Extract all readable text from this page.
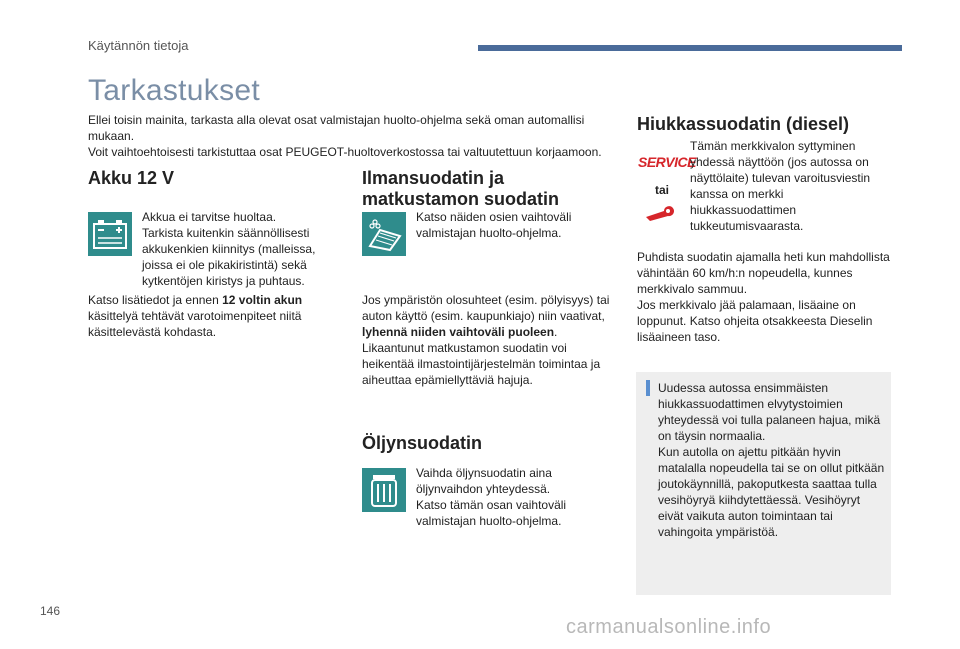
Käytännön tietoja
Tarkastukset
Ellei toisin mainita, tarkasta alla olevat osat valmistajan huolto-ohjelma sekä oman automallisi mukaan.
Voit vaihtoehtoisesti tarkistuttaa osat PEUGEOT-huoltoverkostossa tai valtuutettuun korjaamoon.
Akku 12 V
Akkua ei tarvitse huoltaa.
Tarkista kuitenkin säännöllisesti akkukenkien kiinnitys (malleissa, joissa ei ole pikakiristintä) sekä kytkentöjen kiristys ja puhtaus.
Katso lisätiedot ja ennen 12 voltin akun käsittelyä tehtävät varotoimenpiteet niitä käsittelevästä kohdasta.
Ilmansuodatin ja
matkustamon suodatin
Katso näiden osien vaihtoväli valmistajan huolto-ohjelma.
Jos ympäristön olosuhteet (esim. pölyisyys) tai auton käyttö (esim. kaupunkiajo) niin vaativat, lyhennä niiden vaihtoväli puoleen.
Likaantunut matkustamon suodatin voi heikentää ilmastointijärjestelmän toimintaa ja aiheuttaa epämiellyttäviä hajuja.
Öljynsuodatin
Vaihda öljynsuodatin aina öljynvaihdon yhteydessä.
Katso tämän osan vaihtoväli valmistajan huolto-ohjelma.
Hiukkassuodatin (diesel)
SERVICE
tai
Tämän merkkivalon syttyminen yhdessä näyttöön (jos autossa on näyttölaite) tulevan varoitusviestin kanssa on merkki hiukkassuodattimen tukkeutumisvaarasta.
Puhdista suodatin ajamalla heti kun mahdollista vähintään 60 km/h:n nopeudella, kunnes merkkivalo sammuu.
Jos merkkivalo jää palamaan, lisäaine on loppunut. Katso ohjeita otsakkeesta Dieselin lisäaineen taso.
Uudessa autossa ensimmäisten hiukkassuodattimen elvytystoimien yhteydessä voi tulla palaneen hajua, mikä on täysin normaalia.
Kun autolla on ajettu pitkään hyvin matalalla nopeudella tai se on ollut pitkään joutokäynnillä, pakoputkesta saattaa tulla vesihöyryä kiihdytettäessä. Vesihöyryt eivät vaikuta auton toimintaan tai vahingoita ympäristöä.
146
carmanualsonline.info
